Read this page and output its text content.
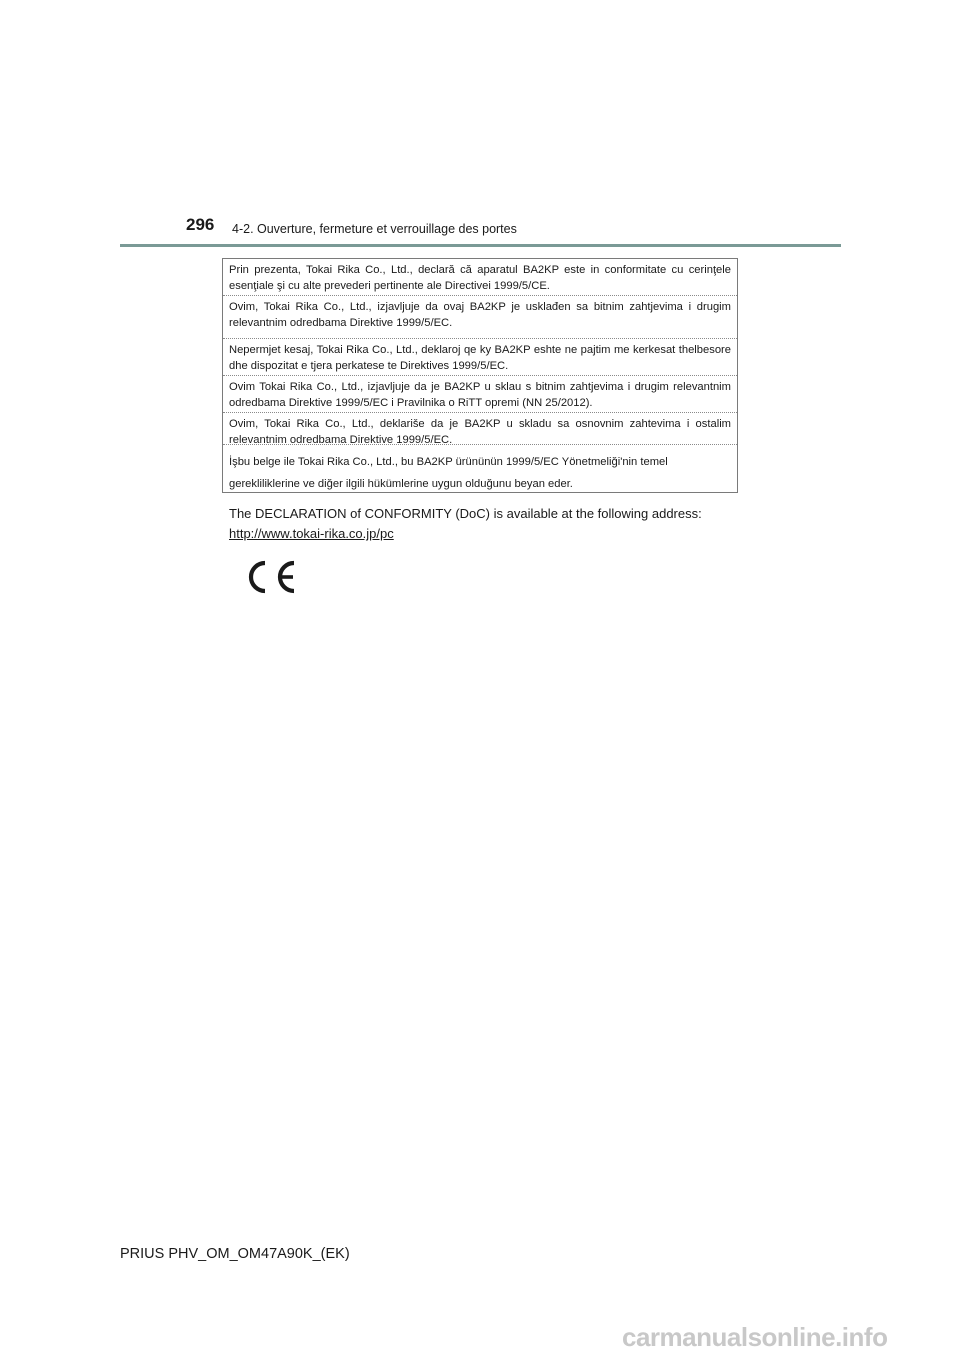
296 4-2. Ouverture, fermeture et verrouillage des portes
Prin prezenta, Tokai Rika Co., Ltd., declară că aparatul BA2KP este in conformitate cu cerinţele esenţiale şi cu alte prevederi pertinente ale Directivei 1999/5/CE.
Ovim, Tokai Rika Co., Ltd., izjavljuje da ovaj BA2KP je usklađen sa bitnim zahtjevima i drugim relevantnim odredbama Direktive 1999/5/EC.
Nepermjet kesaj, Tokai Rika Co., Ltd., deklaroj qe ky BA2KP eshte ne pajtim me kerkesat thelbesore dhe dispozitat e tjera perkatese te Direktives 1999/5/EC.
Ovim Tokai Rika Co., Ltd., izjavljuje da je BA2KP u sklau s bitnim zahtjevima i drugim relevantnim odredbama Direktive 1999/5/EC i Pravilnika o RiTT opremi (NN 25/2012).
Ovim, Tokai Rika Co., Ltd., deklariše da je BA2KP u skladu sa osnovnim zahtevima i ostalim relevantnim odredbama Direktive 1999/5/EC.
İşbu belge ile Tokai Rika Co., Ltd., bu BA2KP ürününün 1999/5/EC Yönetmeliği'nin temel
gerekliliklerine ve diğer ilgili hükümlerine uygun olduğunu beyan eder.
The DECLARATION of CONFORMITY (DoC) is available at the following address:
http://www.tokai-rika.co.jp/pc
PRIUS PHV_OM_OM47A90K_(EK)
carmanualsonline.info
